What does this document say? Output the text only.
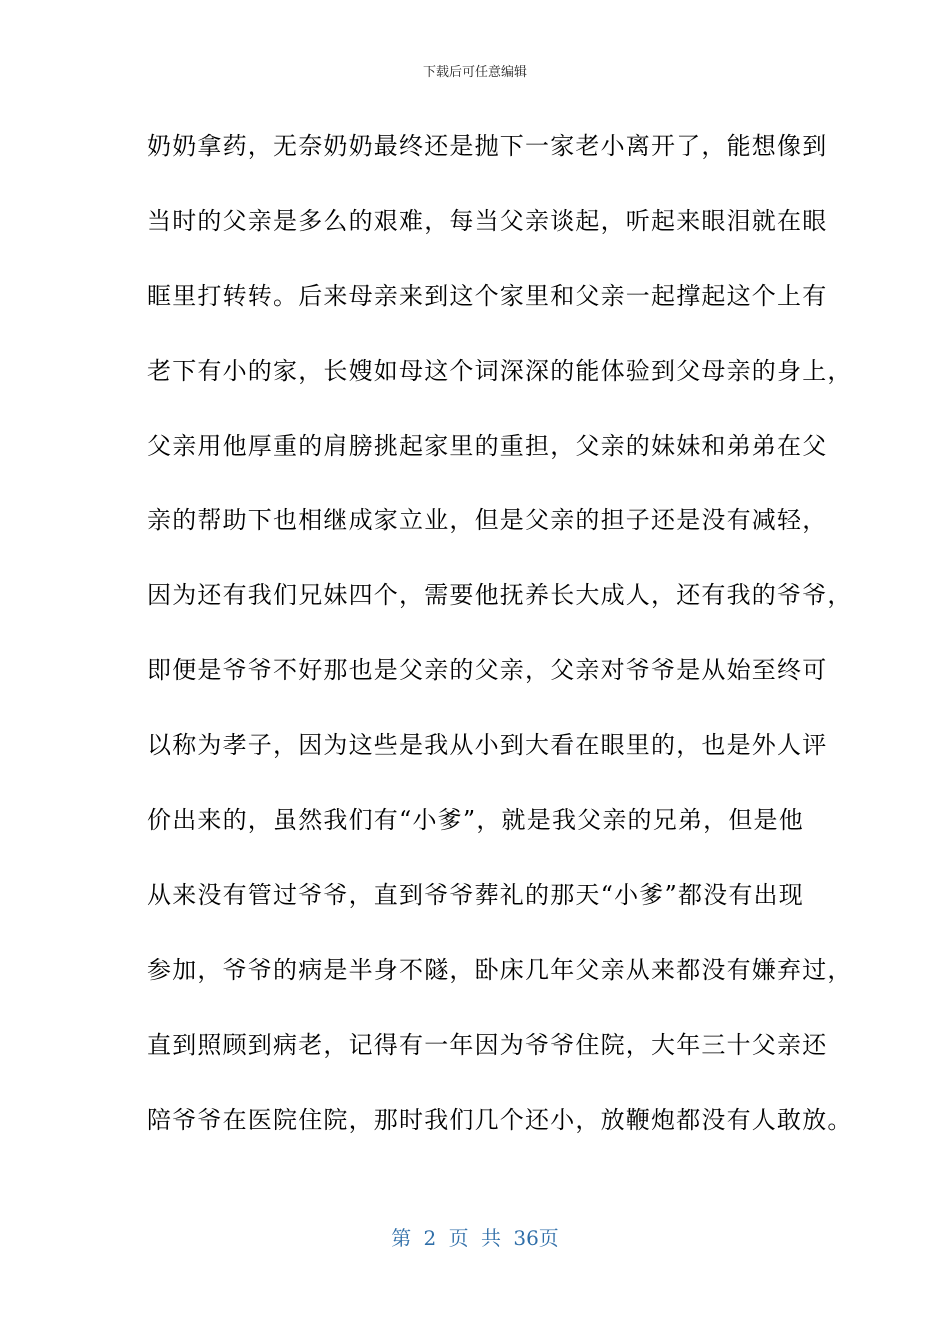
下载后可任意编辑
奶奶拿药，无奈奶奶最终还是抛下一家老小离开了，能想像到
当时的父亲是多么的艰难，每当父亲谈起，听起来眼泪就在眼
眶里打转转。后来母亲来到这个家里和父亲一起撑起这个上有
老下有小的家，长嫂如母这个词深深的能体验到父母亲的身上，
父亲用他厚重的肩膀挑起家里的重担，父亲的妹妹和弟弟在父
亲的帮助下也相继成家立业，但是父亲的担子还是没有减轻，
因为还有我们兄妹四个，需要他抚养长大成人，还有我的爷爷，
即便是爷爷不好那也是父亲的父亲，父亲对爷爷是从始至终可
以称为孝子，因为这些是我从小到大看在眼里的，也是外人评
价出来的，虽然我们有“小爹”，就是我父亲的兄弟，但是他
从来没有管过爷爷，直到爷爷葬礼的那天“小爹”都没有出现
参加，爷爷的病是半身不隧，卧床几年父亲从来都没有嫌弃过，
直到照顾到病老，记得有一年因为爷爷住院，大年三十父亲还
陪爷爷在医院住院，那时我们几个还小，放鞭炮都没有人敢放。
第 2 页 共 36页
